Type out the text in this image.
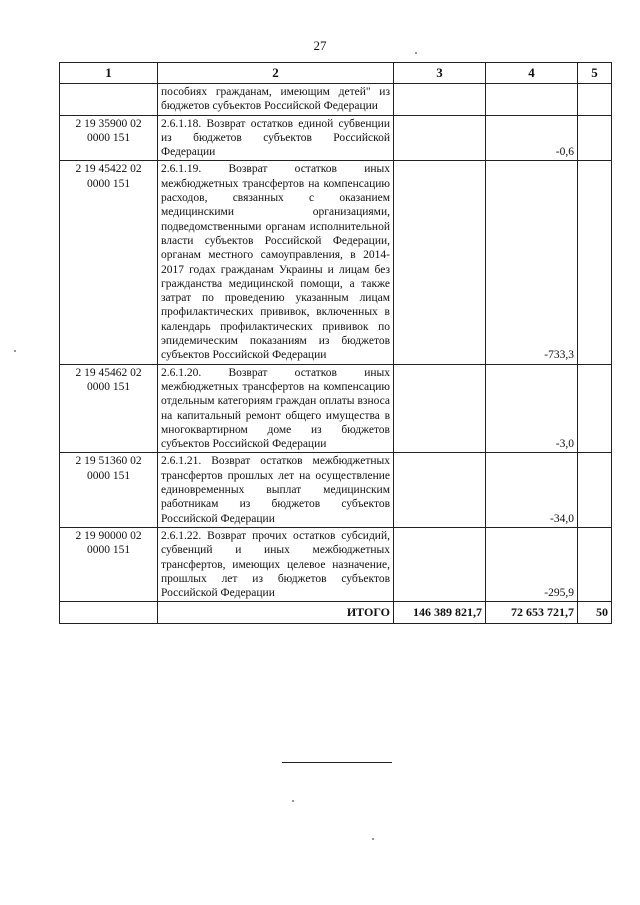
27
1	2	3	4	5
	пособиях гражданам, имеющим детей" из бюджетов субъектов Российской Федерации			
2 19 35900 02 0000 151	2.6.1.18. Возврат остатков единой субвенции из бюджетов субъектов Российской Федерации		-0,6	
2 19 45422 02 0000 151	2.6.1.19. Возврат остатков иных межбюджетных трансфертов на компенсацию расходов, связанных с оказанием медицинскими организациями, подведомственными органам исполнительной власти субъектов Российской Федерации, органам местного самоуправления, в 2014-2017 годах гражданам Украины и лицам без гражданства медицинской помощи, а также затрат по проведению указанным лицам профилактических прививок, включенных в календарь профилактических прививок по эпидемическим показаниям из бюджетов субъектов Российской Федерации		-733,3	
2 19 45462 02 0000 151	2.6.1.20. Возврат остатков иных межбюджетных трансфертов на компенсацию отдельным категориям граждан оплаты взноса на капитальный ремонт общего имущества в многоквартирном доме из бюджетов субъектов Российской Федерации		-3,0	
2 19 51360 02 0000 151	2.6.1.21. Возврат остатков межбюджетных трансфертов прошлых лет на осуществление единовременных выплат медицинским работникам из бюджетов субъектов Российской Федерации		-34,0	
2 19 90000 02 0000 151	2.6.1.22. Возврат прочих остатков субсидий, субвенций и иных межбюджетных трансфертов, имеющих целевое назначение, прошлых лет из бюджетов субъектов Российской Федерации		-295,9	
	ИТОГО	146 389 821,7	72 653 721,7	50
